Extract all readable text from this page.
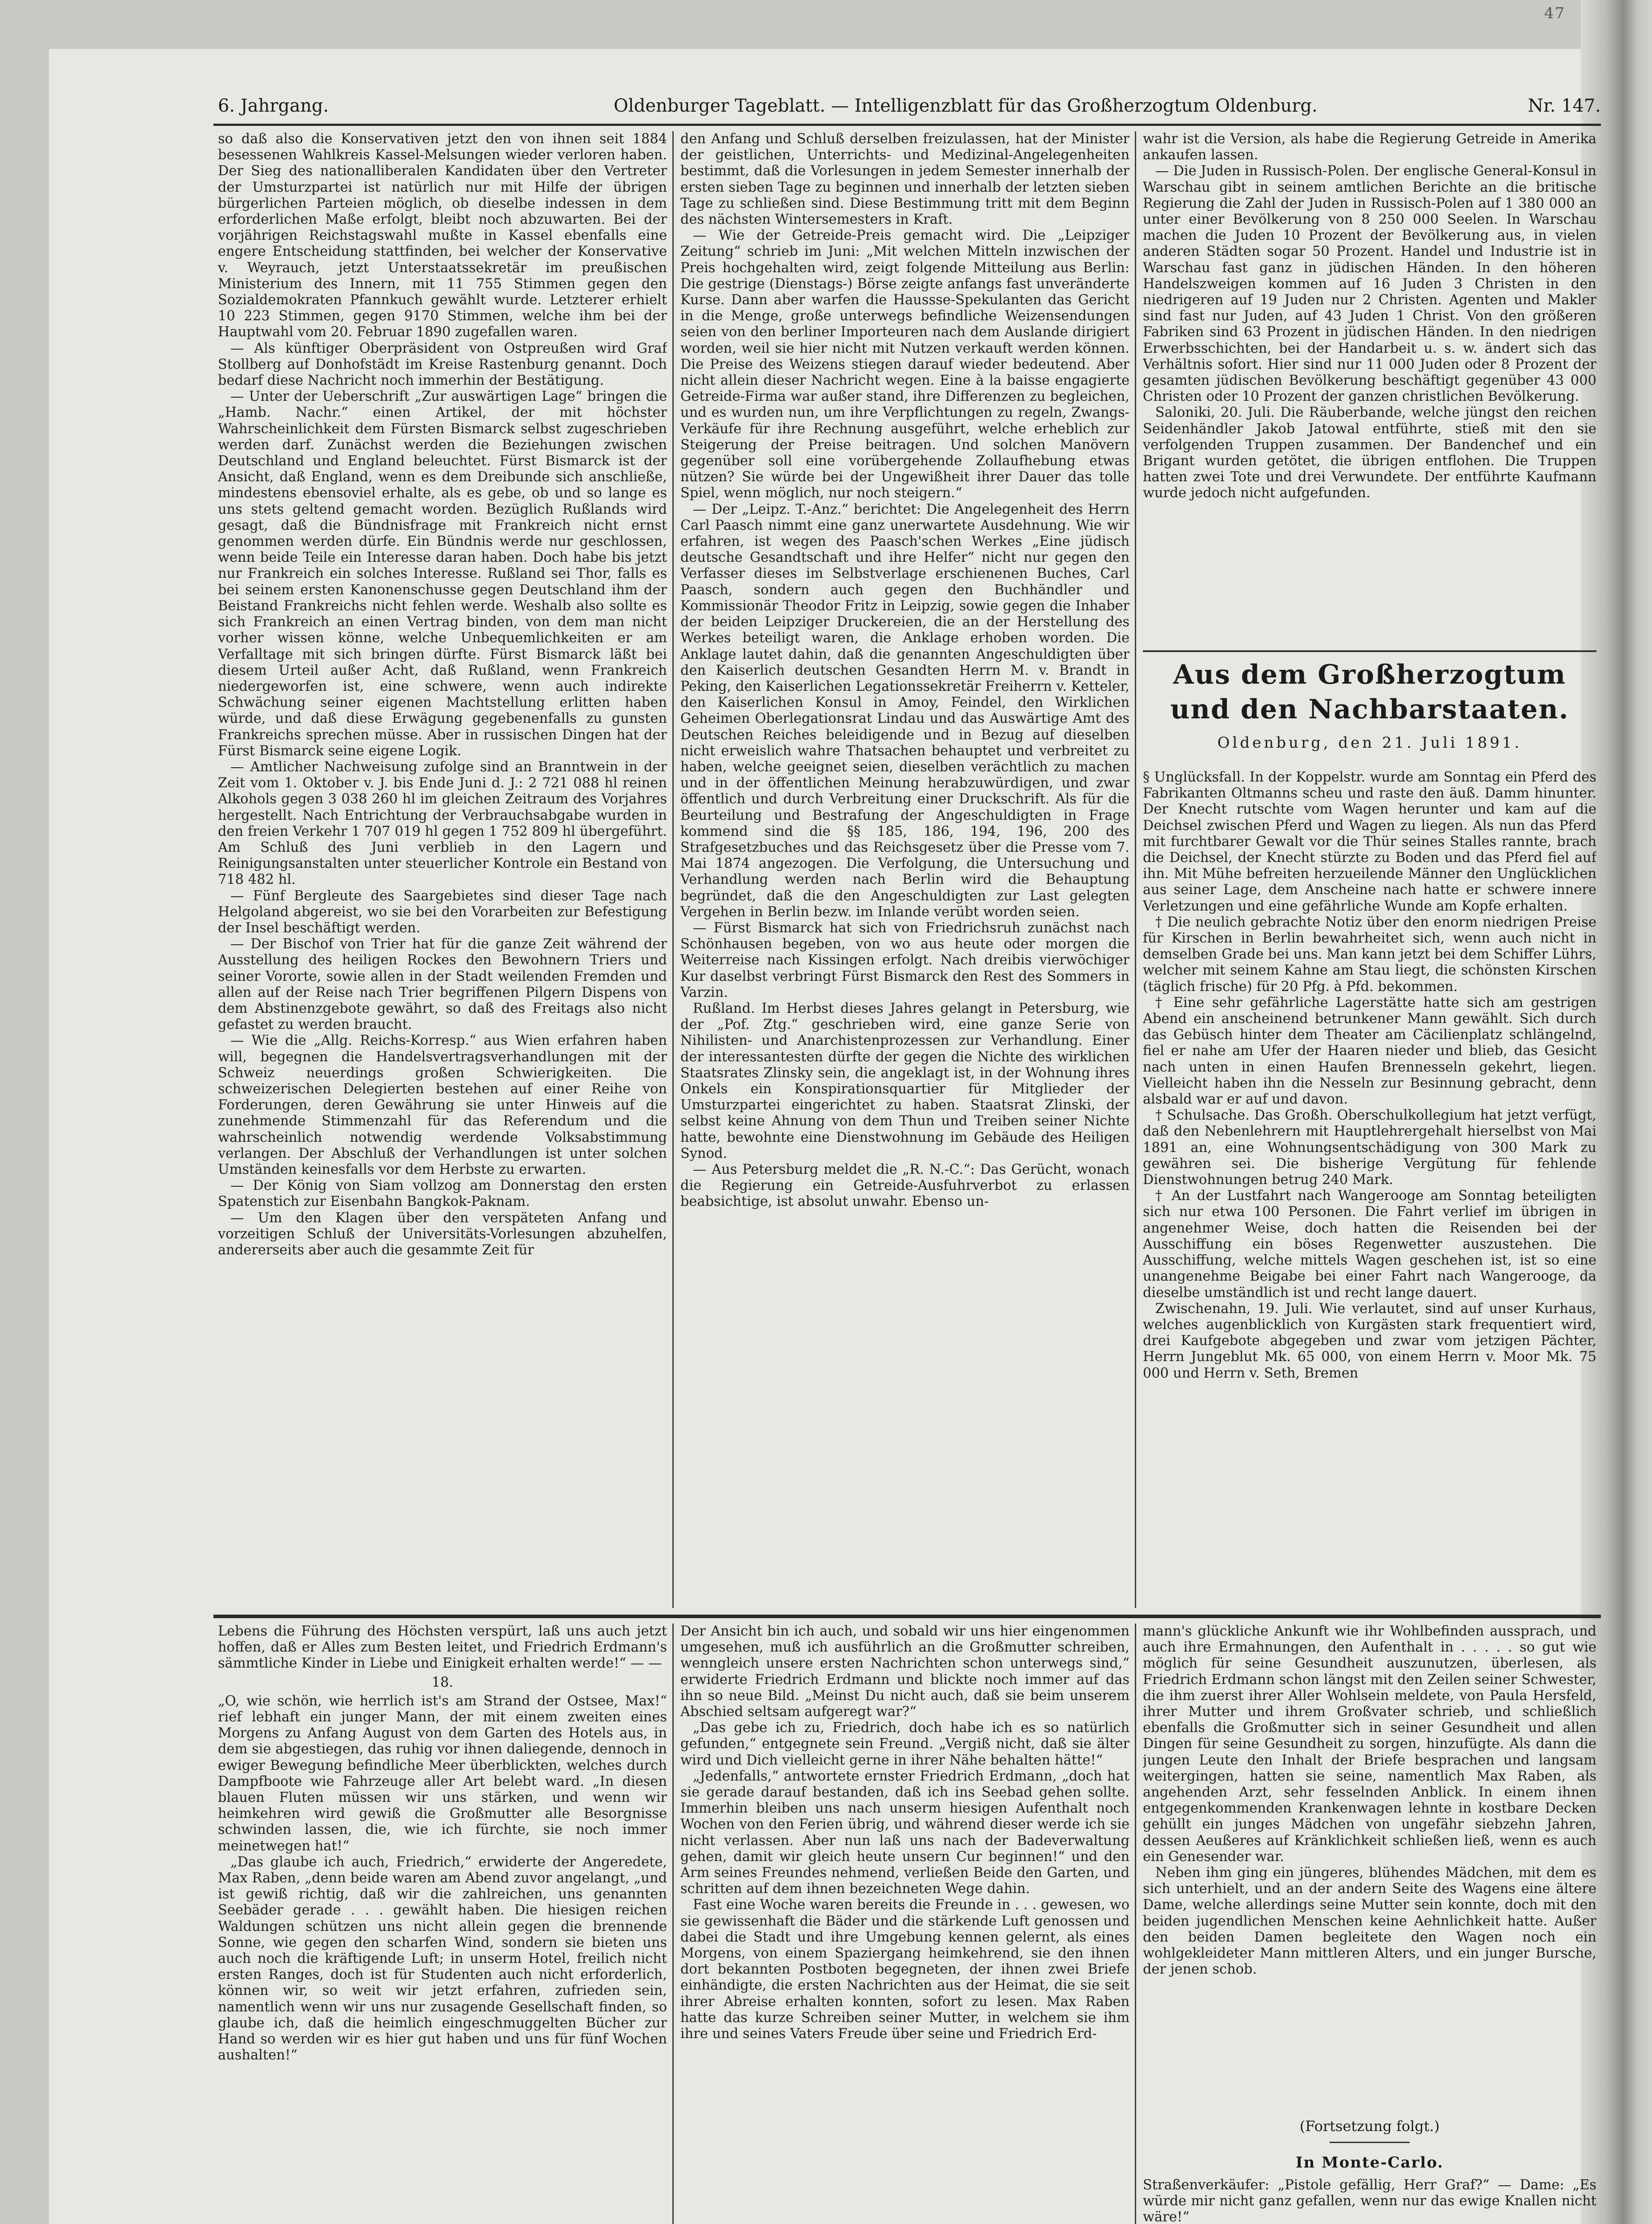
47
6. Jahrgang.	Oldenburger Tageblatt. — Intelligenzblatt für das Großherzogtum Oldenburg.	Nr. 147.

so daß also die Konservativen jetzt den von ihnen seit 1884 besessenen Wahlkreis Kassel-Melsungen wieder verloren haben. Der Sieg des nationalliberalen Kandidaten über den Vertreter der Umsturzpartei ist natürlich nur mit Hilfe der übrigen bürgerlichen Parteien möglich, ob dieselbe indessen in dem erforderlichen Maße erfolgt, bleibt noch abzuwarten. Bei der vorjährigen Reichstagswahl mußte in Kassel ebenfalls eine engere Entscheidung stattfinden, bei welcher der Konservative v. Weyrauch, jetzt Unterstaatssekretär im preußischen Ministerium des Innern, mit 11 755 Stimmen gegen den Sozialdemokraten Pfannkuch gewählt wurde. Letzterer erhielt 10 223 Stimmen, gegen 9170 Stimmen, welche ihm bei der Hauptwahl vom 20. Februar 1890 zugefallen waren.

— Als künftiger Oberpräsident von Ostpreußen wird Graf Stollberg auf Donhofstädt im Kreise Rastenburg genannt. Doch bedarf diese Nachricht noch immerhin der Bestätigung.

— Unter der Ueberschrift „Zur auswärtigen Lage“ bringen die „Hamb. Nachr.“ einen Artikel, der mit höchster Wahrscheinlichkeit dem Fürsten Bismarck selbst zugeschrieben werden darf. Zunächst werden die Beziehungen zwischen Deutschland und England beleuchtet. Fürst Bismarck ist der Ansicht, daß England, wenn es dem Dreibunde sich anschließe, mindestens ebensoviel erhalte, als es gebe, ob und so lange es uns stets geltend gemacht worden. Bezüglich Rußlands wird gesagt, daß die Bündnisfrage mit Frankreich nicht ernst genommen werden dürfe. Ein Bündnis werde nur geschlossen, wenn beide Teile ein Interesse daran haben. Doch habe bis jetzt nur Frankreich ein solches Interesse. Rußland sei Thor, falls es bei seinem ersten Kanonenschusse gegen Deutschland ihm der Beistand Frankreichs nicht fehlen werde. Weshalb also sollte es sich Frankreich an einen Vertrag binden, von dem man nicht vorher wissen könne, welche Unbequemlichkeiten er am Verfalltage mit sich bringen dürfte. Fürst Bismarck läßt bei diesem Urteil außer Acht, daß Rußland, wenn Frankreich niedergeworfen ist, eine schwere, wenn auch indirekte Schwächung seiner eigenen Machtstellung erlitten haben würde, und daß diese Erwägung gegebenenfalls zu gunsten Frankreichs sprechen müsse. Aber in russischen Dingen hat der Fürst Bismarck seine eigene Logik.

— Amtlicher Nachweisung zufolge sind an Branntwein in der Zeit vom 1. Oktober v. J. bis Ende Juni d. J.: 2 721 088 hl reinen Alkohols gegen 3 038 260 hl im gleichen Zeitraum des Vorjahres hergestellt. Nach Entrichtung der Verbrauchsabgabe wurden in den freien Verkehr 1 707 019 hl gegen 1 752 809 hl übergeführt. Am Schluß des Juni verblieb in den Lagern und Reinigungsanstalten unter steuerlicher Kontrole ein Bestand von 718 482 hl.

— Fünf Bergleute des Saargebietes sind dieser Tage nach Helgoland abgereist, wo sie bei den Vorarbeiten zur Befestigung der Insel beschäftigt werden.

— Der Bischof von Trier hat für die ganze Zeit während der Ausstellung des heiligen Rockes den Bewohnern Triers und seiner Vororte, sowie allen in der Stadt weilenden Fremden und allen auf der Reise nach Trier begriffenen Pilgern Dispens von dem Abstinenzgebote gewährt, so daß des Freitags also nicht gefastet zu werden braucht.

— Wie die „Allg. Reichs-Korresp.“ aus Wien erfahren haben will, begegnen die Handelsvertragsverhandlungen mit der Schweiz neuerdings großen Schwierigkeiten. Die schweizerischen Delegierten bestehen auf einer Reihe von Forderungen, deren Gewährung sie unter Hinweis auf die zunehmende Stimmenzahl für das Referendum und die wahrscheinlich notwendig werdende Volksabstimmung verlangen. Der Abschluß der Verhandlungen ist unter solchen Umständen keinesfalls vor dem Herbste zu erwarten.

— Der König von Siam vollzog am Donnerstag den ersten Spatenstich zur Eisenbahn Bangkok-Paknam.

— Um den Klagen über den verspäteten Anfang und vorzeitigen Schluß der Universitäts-Vorlesungen abzuhelfen, andererseits aber auch die gesammte Zeit für

den Anfang und Schluß derselben freizulassen, hat der Minister der geistlichen, Unterrichts- und Medizinal-Angelegenheiten bestimmt, daß die Vorlesungen in jedem Semester innerhalb der ersten sieben Tage zu beginnen und innerhalb der letzten sieben Tage zu schließen sind. Diese Bestimmung tritt mit dem Beginn des nächsten Wintersemesters in Kraft.

— Wie der Getreide-Preis gemacht wird. Die „Leipziger Zeitung“ schrieb im Juni: „Mit welchen Mitteln inzwischen der Preis hochgehalten wird, zeigt folgende Mitteilung aus Berlin: Die gestrige (Dienstags-) Börse zeigte anfangs fast unveränderte Kurse. Dann aber warfen die Haussse-Spekulanten das Gericht in die Menge, große unterwegs befindliche Weizensendungen seien von den berliner Importeuren nach dem Auslande dirigiert worden, weil sie hier nicht mit Nutzen verkauft werden können. Die Preise des Weizens stiegen darauf wieder bedeutend. Aber nicht allein dieser Nachricht wegen. Eine à la baisse engagierte Getreide-Firma war außer stand, ihre Differenzen zu begleichen, und es wurden nun, um ihre Verpflichtungen zu regeln, Zwangs-Verkäufe für ihre Rechnung ausgeführt, welche erheblich zur Steigerung der Preise beitragen. Und solchen Manövern gegenüber soll eine vorübergehende Zollaufhebung etwas nützen? Sie würde bei der Ungewißheit ihrer Dauer das tolle Spiel, wenn möglich, nur noch steigern.“

— Der „Leipz. T.-Anz.“ berichtet: Die Angelegenheit des Herrn Carl Paasch nimmt eine ganz unerwartete Ausdehnung. Wie wir erfahren, ist wegen des Paasch'schen Werkes „Eine jüdisch deutsche Gesandtschaft und ihre Helfer“ nicht nur gegen den Verfasser dieses im Selbstverlage erschienenen Buches, Carl Paasch, sondern auch gegen den Buchhändler und Kommissionär Theodor Fritz in Leipzig, sowie gegen die Inhaber der beiden Leipziger Druckereien, die an der Herstellung des Werkes beteiligt waren, die Anklage erhoben worden. Die Anklage lautet dahin, daß die genannten Angeschuldigten über den Kaiserlich deutschen Gesandten Herrn M. v. Brandt in Peking, den Kaiserlichen Legationssekretär Freiherrn v. Ketteler, den Kaiserlichen Konsul in Amoy, Feindel, den Wirklichen Geheimen Oberlegationsrat Lindau und das Auswärtige Amt des Deutschen Reiches beleidigende und in Bezug auf dieselben nicht erweislich wahre Thatsachen behauptet und verbreitet zu haben, welche geeignet seien, dieselben verächtlich zu machen und in der öffentlichen Meinung herabzuwürdigen, und zwar öffentlich und durch Verbreitung einer Druckschrift. Als für die Beurteilung und Bestrafung der Angeschuldigten in Frage kommend sind die §§ 185, 186, 194, 196, 200 des Strafgesetzbuches und das Reichsgesetz über die Presse vom 7. Mai 1874 angezogen. Die Verfolgung, die Untersuchung und Verhandlung werden nach Berlin wird die Behauptung begründet, daß die den Angeschuldigten zur Last gelegten Vergehen in Berlin bezw. im Inlande verübt worden seien.

— Fürst Bismarck hat sich von Friedrichsruh zunächst nach Schönhausen begeben, von wo aus heute oder morgen die Weiterreise nach Kissingen erfolgt. Nach dreibis vierwöchiger Kur daselbst verbringt Fürst Bismarck den Rest des Sommers in Varzin.

Rußland. Im Herbst dieses Jahres gelangt in Petersburg, wie der „Pof. Ztg.“ geschrieben wird, eine ganze Serie von Nihilisten- und Anarchistenprozessen zur Verhandlung. Einer der interessantesten dürfte der gegen die Nichte des wirklichen Staatsrates Zlinsky sein, die angeklagt ist, in der Wohnung ihres Onkels ein Konspirationsquartier für Mitglieder der Umsturzpartei eingerichtet zu haben. Staatsrat Zlinski, der selbst keine Ahnung von dem Thun und Treiben seiner Nichte hatte, bewohnte eine Dienstwohnung im Gebäude des Heiligen Synod.

— Aus Petersburg meldet die „R. N.-C.“: Das Gerücht, wonach die Regierung ein Getreide-Ausfuhrverbot zu erlassen beabsichtige, ist absolut unwahr. Ebenso un-

wahr ist die Version, als habe die Regierung Getreide in Amerika ankaufen lassen.

— Die Juden in Russisch-Polen. Der englische General-Konsul in Warschau gibt in seinem amtlichen Berichte an die britische Regierung die Zahl der Juden in Russisch-Polen auf 1 380 000 an unter einer Bevölkerung von 8 250 000 Seelen. In Warschau machen die Juden 10 Prozent der Bevölkerung aus, in vielen anderen Städten sogar 50 Prozent. Handel und Industrie ist in Warschau fast ganz in jüdischen Händen. In den höheren Handelszweigen kommen auf 16 Juden 3 Christen in den niedrigeren auf 19 Juden nur 2 Christen. Agenten und Makler sind fast nur Juden, auf 43 Juden 1 Christ. Von den größeren Fabriken sind 63 Prozent in jüdischen Händen. In den niedrigen Erwerbsschichten, bei der Handarbeit u. s. w. ändert sich das Verhältnis sofort. Hier sind nur 11 000 Juden oder 8 Prozent der gesamten jüdischen Bevölkerung beschäftigt gegenüber 43 000 Christen oder 10 Prozent der ganzen christlichen Bevölkerung.

Saloniki, 20. Juli. Die Räuberbande, welche jüngst den reichen Seidenhändler Jakob Jatowal entführte, stieß mit den sie verfolgenden Truppen zusammen. Der Bandenchef und ein Brigant wurden getötet, die übrigen entflohen. Die Truppen hatten zwei Tote und drei Verwundete. Der entführte Kaufmann wurde jedoch nicht aufgefunden.

Aus dem Großherzogtum und den Nachbarstaaten.
Oldenburg, den 21. Juli 1891.

§ Unglücksfall. In der Koppelstr. wurde am Sonntag ein Pferd des Fabrikanten Oltmanns scheu und raste den äuß. Damm hinunter. Der Knecht rutschte vom Wagen herunter und kam auf die Deichsel zwischen Pferd und Wagen zu liegen. Als nun das Pferd mit furchtbarer Gewalt vor die Thür seines Stalles rannte, brach die Deichsel, der Knecht stürzte zu Boden und das Pferd fiel auf ihn. Mit Mühe befreiten herzueilende Männer den Unglücklichen aus seiner Lage, dem Anscheine nach hatte er schwere innere Verletzungen und eine gefährliche Wunde am Kopfe erhalten.

† Die neulich gebrachte Notiz über den enorm niedrigen Preise für Kirschen in Berlin bewahrheitet sich, wenn auch nicht in demselben Grade bei uns. Man kann jetzt bei dem Schiffer Lührs, welcher mit seinem Kahne am Stau liegt, die schönsten Kirschen (täglich frische) für 20 Pfg. à Pfd. bekommen.

† Eine sehr gefährliche Lagerstätte hatte sich am gestrigen Abend ein anscheinend betrunkener Mann gewählt. Sich durch das Gebüsch hinter dem Theater am Cäcilienplatz schlängelnd, fiel er nahe am Ufer der Haaren nieder und blieb, das Gesicht nach unten in einen Haufen Brennesseln gekehrt, liegen. Vielleicht haben ihn die Nesseln zur Besinnung gebracht, denn alsbald war er auf und davon.

† Schulsache. Das Großh. Oberschulkollegium hat jetzt verfügt, daß den Nebenlehrern mit Hauptlehrergehalt hierselbst von Mai 1891 an, eine Wohnungsentschädigung von 300 Mark zu gewähren sei. Die bisherige Vergütung für fehlende Dienstwohnungen betrug 240 Mark.

† An der Lustfahrt nach Wangerooge am Sonntag beteiligten sich nur etwa 100 Personen. Die Fahrt verlief im übrigen in angenehmer Weise, doch hatten die Reisenden bei der Ausschiffung ein böses Regenwetter auszustehen. Die Ausschiffung, welche mittels Wagen geschehen ist, ist so eine unangenehme Beigabe bei einer Fahrt nach Wangerooge, da dieselbe umständlich ist und recht lange dauert.

Zwischenahn, 19. Juli. Wie verlautet, sind auf unser Kurhaus, welches augenblicklich von Kurgästen stark frequentiert wird, drei Kaufgebote abgegeben und zwar vom jetzigen Pächter, Herrn Jungeblut Mk. 65 000, von einem Herrn v. Moor Mk. 75 000 und Herrn v. Seth, Bremen

Lebens die Führung des Höchsten verspürt, laß uns auch jetzt hoffen, daß er Alles zum Besten leitet, und Friedrich Erdmann's sämmtliche Kinder in Liebe und Einigkeit erhalten werde!“ — —

18.

„O, wie schön, wie herrlich ist's am Strand der Ostsee, Max!“ rief lebhaft ein junger Mann, der mit einem zweiten eines Morgens zu Anfang August von dem Garten des Hotels aus, in dem sie abgestiegen, das ruhig vor ihnen daliegende, dennoch in ewiger Bewegung befindliche Meer überblickten, welches durch Dampfboote wie Fahrzeuge aller Art belebt ward. „In diesen blauen Fluten müssen wir uns stärken, und wenn wir heimkehren wird gewiß die Großmutter alle Besorgnisse schwinden lassen, die, wie ich fürchte, sie noch immer meinetwegen hat!“

„Das glaube ich auch, Friedrich,“ erwiderte der Angeredete, Max Raben, „denn beide waren am Abend zuvor angelangt, „und ist gewiß richtig, daß wir die zahlreichen, uns genannten Seebäder gerade . . . gewählt haben. Die hiesigen reichen Waldungen schützen uns nicht allein gegen die brennende Sonne, wie gegen den scharfen Wind, sondern sie bieten uns auch noch die kräftigende Luft; in unserm Hotel, freilich nicht ersten Ranges, doch ist für Studenten auch nicht erforderlich, können wir, so weit wir jetzt erfahren, zufrieden sein, namentlich wenn wir uns nur zusagende Gesellschaft finden, so glaube ich, daß die heimlich eingeschmuggelten Bücher zur Hand so werden wir es hier gut haben und uns für fünf Wochen aushalten!“

Der Ansicht bin ich auch, und sobald wir uns hier eingenommen umgesehen, muß ich ausführlich an die Großmutter schreiben, wenngleich unsere ersten Nachrichten schon unterwegs sind,“ erwiderte Friedrich Erdmann und blickte noch immer auf das ihn so neue Bild. „Meinst Du nicht auch, daß sie beim unserem Abschied seltsam aufgeregt war?“

„Das gebe ich zu, Friedrich, doch habe ich es so natürlich gefunden,“ entgegnete sein Freund. „Vergiß nicht, daß sie älter wird und Dich vielleicht gerne in ihrer Nähe behalten hätte!“

„Jedenfalls,“ antwortete ernster Friedrich Erdmann, „doch hat sie gerade darauf bestanden, daß ich ins Seebad gehen sollte. Immerhin bleiben uns nach unserm hiesigen Aufenthalt noch Wochen von den Ferien übrig, und während dieser werde ich sie nicht verlassen. Aber nun laß uns nach der Badeverwaltung gehen, damit wir gleich heute unsern Cur beginnen!“ und den Arm seines Freundes nehmend, verließen Beide den Garten, und schritten auf dem ihnen bezeichneten Wege dahin.

Fast eine Woche waren bereits die Freunde in . . . gewesen, wo sie gewissenhaft die Bäder und die stärkende Luft genossen und dabei die Stadt und ihre Umgebung kennen gelernt, als eines Morgens, von einem Spaziergang heimkehrend, sie den ihnen dort bekannten Postboten begegneten, der ihnen zwei Briefe einhändigte, die ersten Nachrichten aus der Heimat, die sie seit ihrer Abreise erhalten konnten, sofort zu lesen. Max Raben hatte das kurze Schreiben seiner Mutter, in welchem sie ihm ihre und seines Vaters Freude über seine und Friedrich Erd-

mann's glückliche Ankunft wie ihr Wohlbefinden aussprach, und auch ihre Ermahnungen, den Aufenthalt in . . . . . so gut wie möglich für seine Gesundheit auszunutzen, überlesen, als Friedrich Erdmann schon längst mit den Zeilen seiner Schwester, die ihm zuerst ihrer Aller Wohlsein meldete, von Paula Hersfeld, ihrer Mutter und ihrem Großvater schrieb, und schließlich ebenfalls die Großmutter sich in seiner Gesundheit und allen Dingen für seine Gesundheit zu sorgen, hinzufügte. Als dann die jungen Leute den Inhalt der Briefe besprachen und langsam weitergingen, hatten sie seine, namentlich Max Raben, als angehenden Arzt, sehr fesselnden Anblick. In einem ihnen entgegenkommenden Krankenwagen lehnte in kostbare Decken gehüllt ein junges Mädchen von ungefähr siebzehn Jahren, dessen Aeußeres auf Kränklichkeit schließen ließ, wenn es auch ein Genesender war.

Neben ihm ging ein jüngeres, blühendes Mädchen, mit dem es sich unterhielt, und an der andern Seite des Wagens eine ältere Dame, welche allerdings seine Mutter sein konnte, doch mit den beiden jugendlichen Menschen keine Aehnlichkeit hatte. Außer den beiden Damen begleitete den Wagen noch ein wohlgekleideter Mann mittleren Alters, und ein junger Bursche, der jenen schob.

(Fortsetzung folgt.)
In Monte-Carlo.

Straßenverkäufer: „Pistole gefällig, Herr Graf?“ — Dame: „Es würde mir nicht ganz gefallen, wenn nur das ewige Knallen nicht wäre!“
